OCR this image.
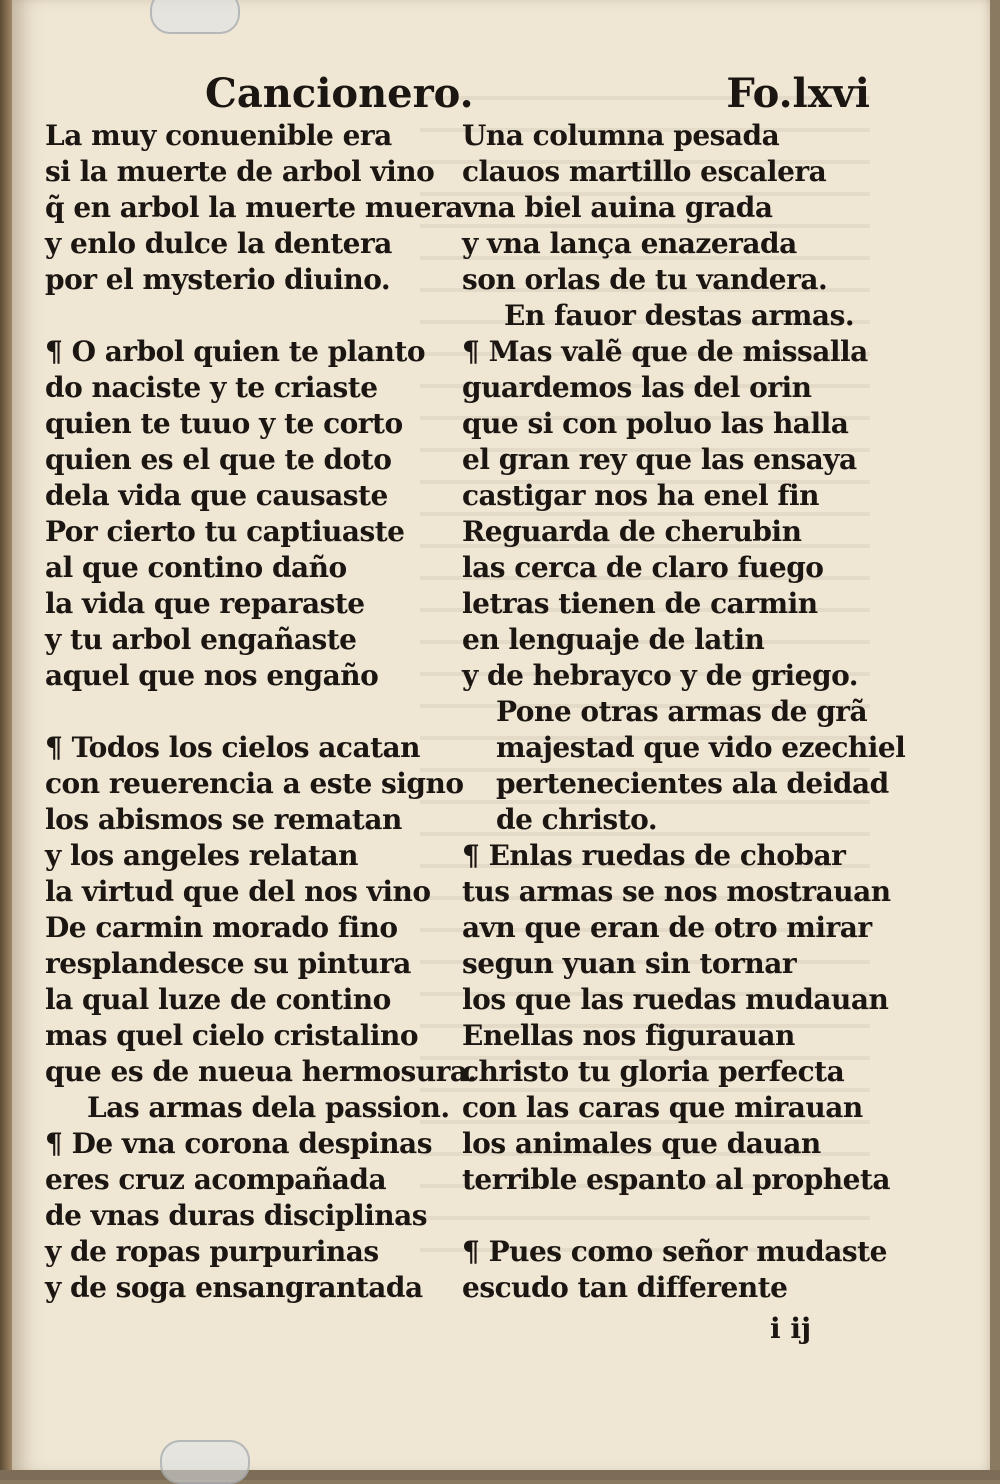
Cancionero.	Fo.lxvi
La muy conuenible era
si la muerte de arbol vino
q̃ en arbol la muerte muera
y enlo dulce la dentera
por el mysterio diuino.
¶ O arbol quien te planto
do naciste y te criaste
quien te tuuo y te corto
quien es el que te doto
dela vida que causaste
Por cierto tu captiuaste
al que contino daño
la vida que reparaste
y tu arbol engañaste
aquel que nos engaño
¶ Todos los cielos acatan
con reuerencia a este signo
los abismos se rematan
y los angeles relatan
la virtud que del nos vino
De carmin morado fino
resplandesce su pintura
la qual luze de contino
mas quel cielo cristalino
que es de nueua hermosura.
Las armas dela passion.
¶ De vna corona despinas
eres cruz acompañada
de vnas duras disciplinas
y de ropas purpurinas
y de soga ensangrantada
Una columna pesada
clauos martillo escalera
vna biel auina grada
y vna lança enazerada
son orlas de tu vandera.
En fauor destas armas.
¶ Mas valẽ que de missalla
guardemos las del orin
que si con poluo las halla
el gran rey que las ensaya
castigar nos ha enel fin
Reguarda de cherubin
las cerca de claro fuego
letras tienen de carmin
en lenguaje de latin
y de hebrayco y de griego.
Pone otras armas de grã
majestad que vido ezechiel
pertenecientes ala deidad
de christo.
¶ Enlas ruedas de chobar
tus armas se nos mostrauan
avn que eran de otro mirar
segun yuan sin tornar
los que las ruedas mudauan
Enellas nos figurauan
christo tu gloria perfecta
con las caras que mirauan
los animales que dauan
terrible espanto al propheta
¶ Pues como señor mudaste
escudo tan differente
i ij
